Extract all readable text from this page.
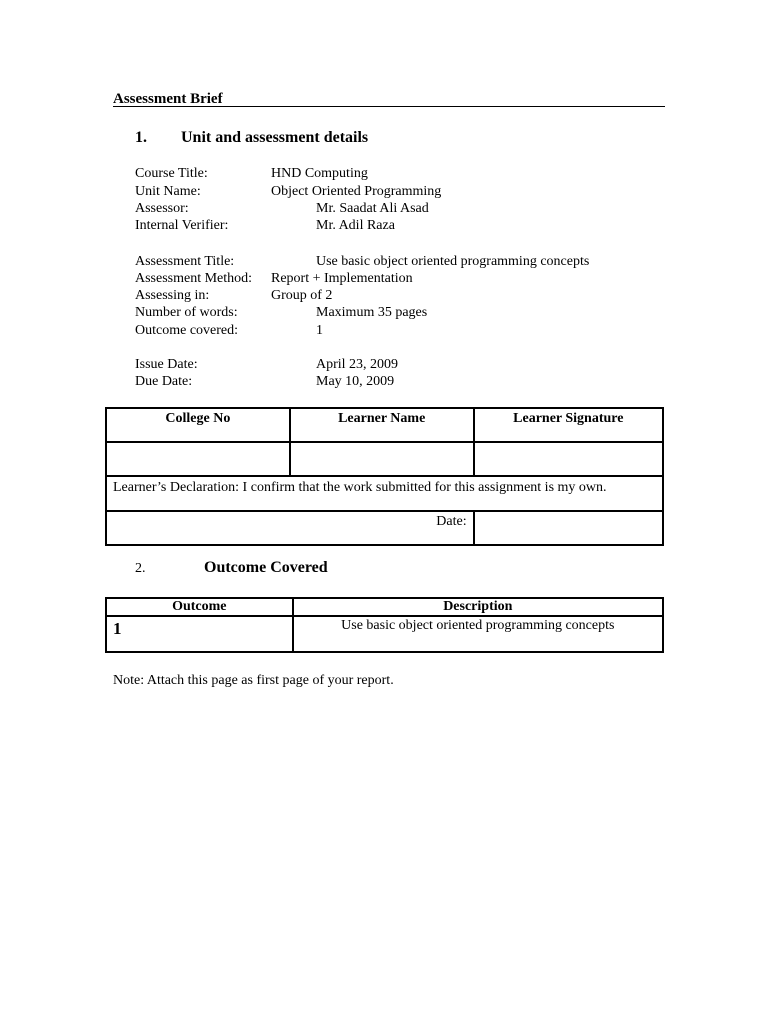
Assessment Brief
1. Unit and assessment details
Course Title:	HND Computing
Unit Name:	Object Oriented Programming
Assessor:	Mr. Saadat Ali Asad
Internal Verifier:	Mr. Adil Raza
Assessment Title:	Use basic object oriented programming concepts
Assessment Method: Report + Implementation
Assessing in:	Group of 2
Number of words:	Maximum 35 pages
Outcome covered:	1
Issue Date:	April 23, 2009
Due Date:	May 10, 2009
College No	Learner Name	Learner Signature

Learner’s Declaration: I confirm that the work submitted for this assignment is my own.		
Date:		
2.	Outcome Covered
Outcome	Description
1	Use basic object oriented programming concepts
Note: Attach this page as first page of your report.
